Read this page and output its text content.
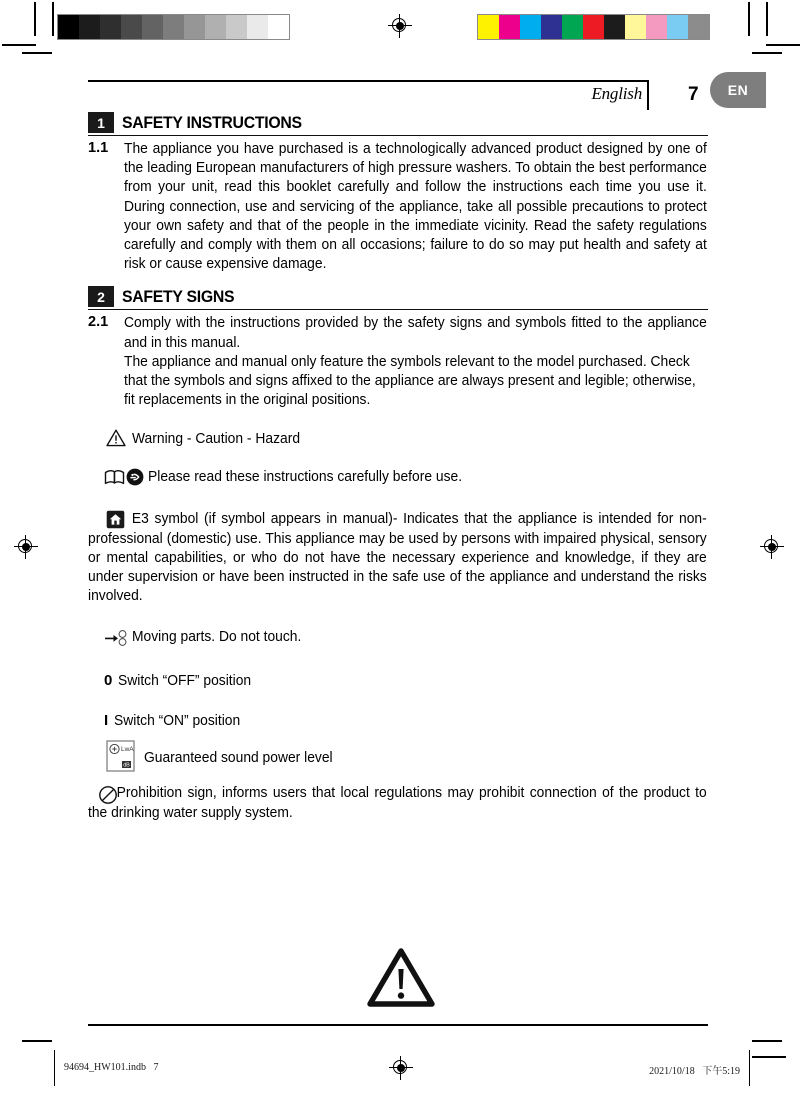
English 7	EN
1	SAFETY INSTRUCTIONS
1.1 The appliance you have purchased is a technologically advanced product designed by one of the leading European manufacturers of high pressure washers. To obtain the best performance from your unit, read this booklet carefully and follow the instructions each time you use it. During connection, use and servicing of the appliance, take all possible precautions to protect your own safety and that of the people in the immediate vicinity. Read the safety regulations carefully and comply with them on all occasions; failure to do so may put health and safety at risk or cause expensive damage.
2	SAFETY SIGNS
2.1 Comply with the instructions provided by the safety signs and symbols fitted to the appliance and in this manual.
The appliance and manual only feature the symbols relevant to the model purchased. Check that the symbols and signs affixed to the appliance are always present and legible; otherwise, fit replacements in the original positions.
Warning - Caution - Hazard
Please read these instructions carefully before use.
E3 symbol (if symbol appears in manual)- Indicates that the appliance is intended for non-professional (domestic) use. This appliance may be used by persons with impaired physical, sensory or mental capabilities, or who do not have the necessary experience and knowledge, if they are under supervision or have been instructed in the safe use of the appliance and understand the risks involved.
Moving parts. Do not touch.
0 Switch “OFF” position
I Switch “ON” position
LwA
dB Guaranteed sound power level
Prohibition sign, informs users that local regulations may prohibit connection of the product to the drinking water supply system.
94694_HW101.indb   7	2021/10/18   下午5:19
